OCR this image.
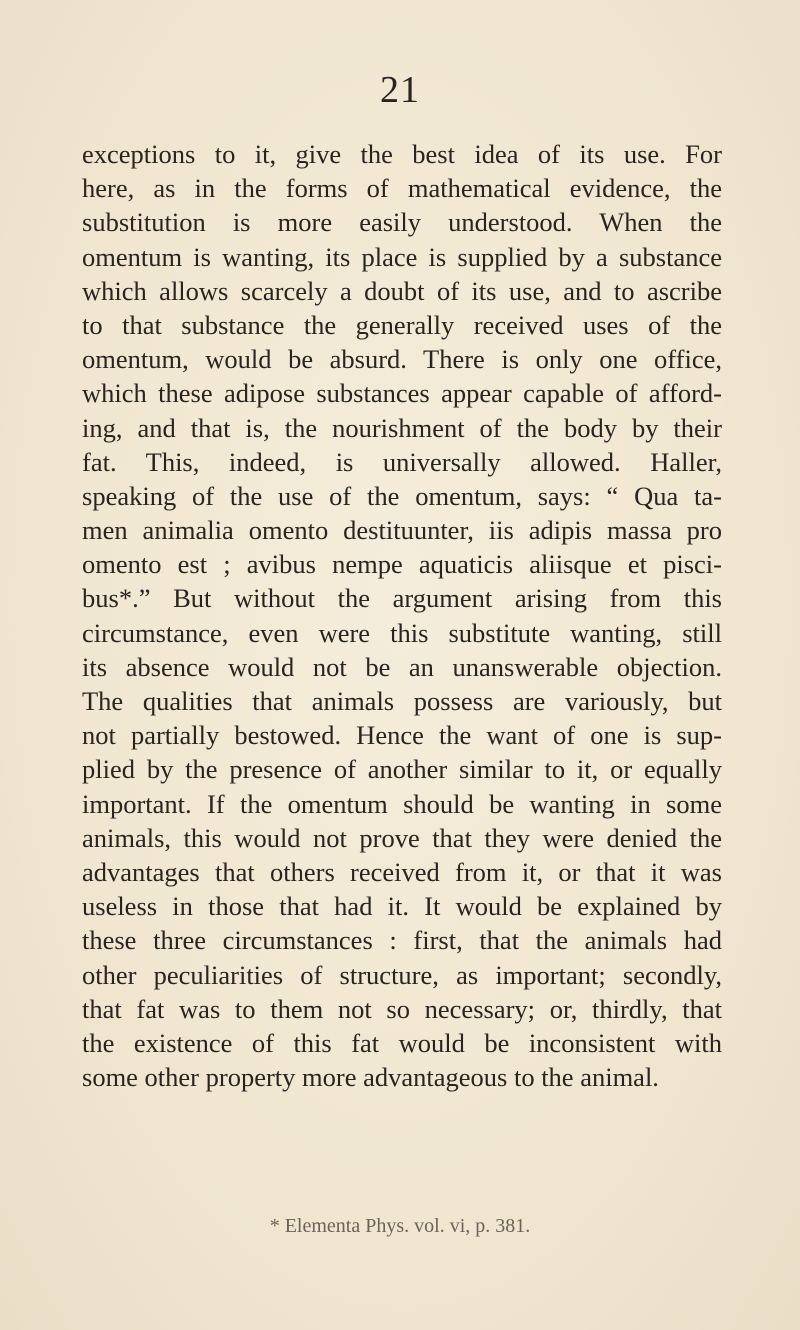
21
exceptions to it, give the best idea of its use. For
here, as in the forms of mathematical evidence, the
substitution is more easily understood. When the
omentum is wanting, its place is supplied by a substance
which allows scarcely a doubt of its use, and to ascribe
to that substance the generally received uses of the
omentum, would be absurd. There is only one office,
which these adipose substances appear capable of afford-
ing, and that is, the nourishment of the body by their
fat. This, indeed, is universally allowed. Haller,
speaking of the use of the omentum, says: “ Qua ta-
men animalia omento destituunter, iis adipis massa pro
omento est ; avibus nempe aquaticis aliisque et pisci-
bus*.” But without the argument arising from this
circumstance, even were this substitute wanting, still
its absence would not be an unanswerable objection.
The qualities that animals possess are variously, but
not partially bestowed. Hence the want of one is sup-
plied by the presence of another similar to it, or equally
important. If the omentum should be wanting in some
animals, this would not prove that they were denied the
advantages that others received from it, or that it was
useless in those that had it. It would be explained by
these three circumstances : first, that the animals had
other peculiarities of structure, as important; secondly,
that fat was to them not so necessary; or, thirdly, that
the existence of this fat would be inconsistent with
some other property more advantageous to the animal.
* Elementa Phys. vol. vi, p. 381.
